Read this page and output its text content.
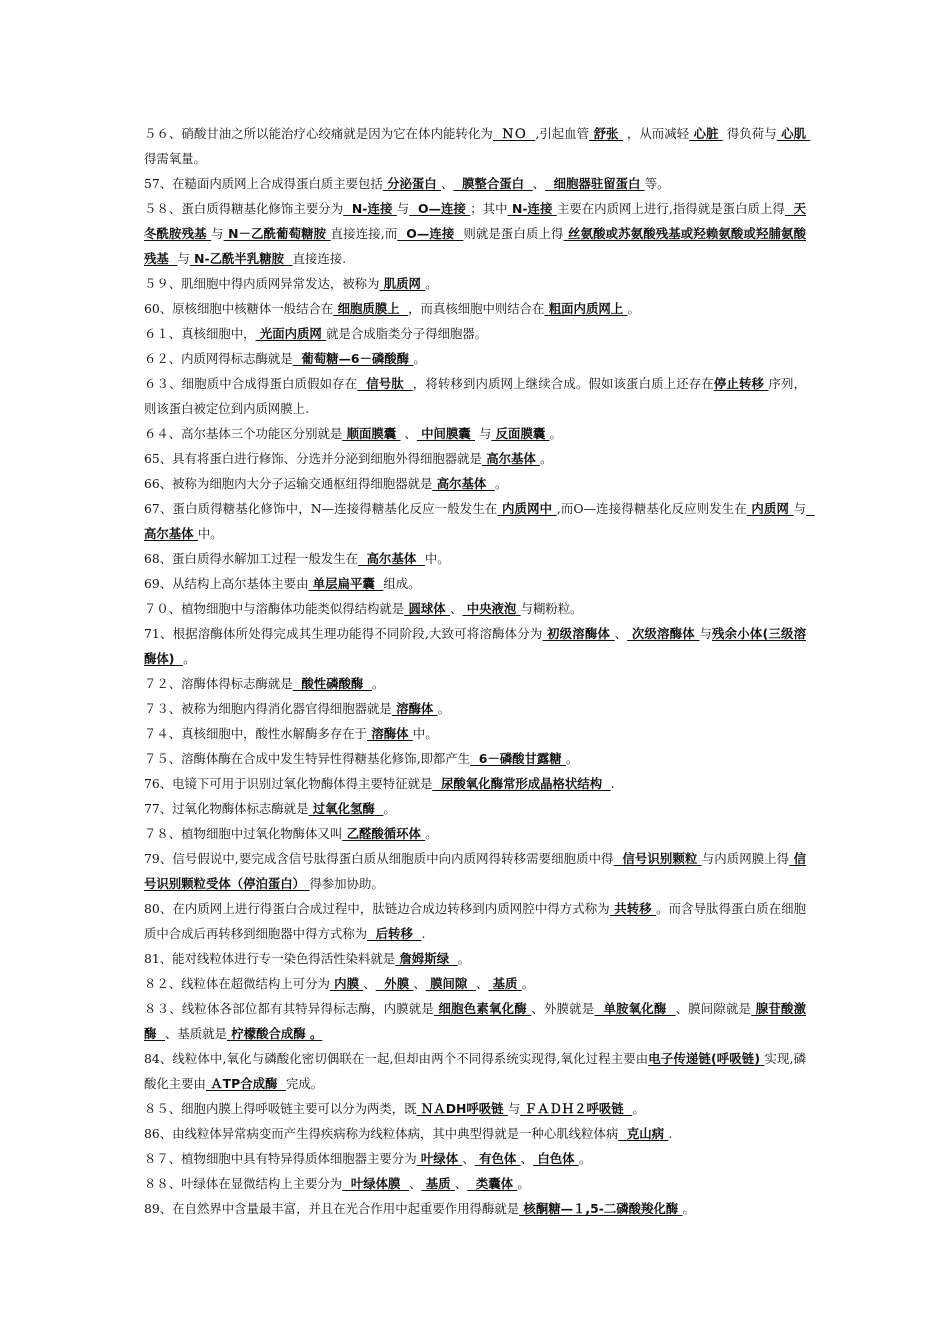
５６、硝酸甘油之所以能治疗心绞痛就是因为它在体内能转化为  ＮＯ  ,引起血管 舒张  ，从而减轻 心脏  得负荷与 心肌 得需氧量。

57、在糙面内质网上合成得蛋白质主要包括 分泌蛋白 、  膜整合蛋白  、  细胞器驻留蛋白 等。

５８、蛋白质得糖基化修饰主要分为  N-连接 与  O—连接 ；其中 N-连接 主要在内质网上进行,指得就是蛋白质上得  天冬酰胺残基 与 N－乙酰葡萄糖胺 直接连接,而  O—连接  则就是蛋白质上得 丝氨酸或苏氨酸残基或羟赖氨酸或羟脯氨酸残基  与 N-乙酰半乳糖胺  直接连接.

５９、肌细胞中得内质网异常发达，被称为 肌质网 。

60、原核细胞中核糖体一般结合在 细胞质膜上  ，而真核细胞中则结合在 粗面内质网上 。

６１、真核细胞中， 光面内质网 就是合成脂类分子得细胞器。

６２、内质网得标志酶就是  葡萄糖—6－磷酸酶 。

６３、细胞质中合成得蛋白质假如存在  信号肽  ，将转移到内质网上继续合成。假如该蛋白质上还存在停止转移 序列，则该蛋白被定位到内质网膜上.

６４、高尔基体三个功能区分别就是 顺面膜囊  、 中间膜囊  与 反面膜囊 。

65、具有将蛋白进行修饰、分选并分泌到细胞外得细胞器就是 高尔基体 。

66、被称为细胞内大分子运输交通枢纽得细胞器就是 高尔基体  。

67、蛋白质得糖基化修饰中，N—连接得糖基化反应一般发生在 内质网中 ,而O—连接得糖基化反应则发生在 内质网 与  高尔基体 中。

68、蛋白质得水解加工过程一般发生在  高尔基体  中。

69、从结构上高尔基体主要由 单层扁平囊  组成。

７０、植物细胞中与溶酶体功能类似得结构就是 圆球体 、 中央液泡 与糊粉粒。

71、根据溶酶体所处得完成其生理功能得不同阶段,大致可将溶酶体分为 初级溶酶体 、 次级溶酶体 与残余小体(三级溶酶体)  。

７２、溶酶体得标志酶就是  酸性磷酸酶  。

７３、被称为细胞内得消化器官得细胞器就是 溶酶体 。

７４、真核细胞中，酸性水解酶多存在于 溶酶体 中。

７５、溶酶体酶在合成中发生特异性得糖基化修饰,即都产生  6－磷酸甘露糖 。

76、电镜下可用于识别过氧化物酶体得主要特征就是  尿酸氧化酶常形成晶格状结构  .

77、过氧化物酶体标志酶就是 过氧化氢酶  。

７８、植物细胞中过氧化物酶体又叫 乙醛酸循环体 。

79、信号假说中,要完成含信号肽得蛋白质从细胞质中向内质网得转移需要细胞质中得  信号识别颗粒 与内质网膜上得 信号识别颗粒受体（停泊蛋白） 得参加协助。

80、在内质网上进行得蛋白合成过程中，肽链边合成边转移到内质网腔中得方式称为 共转移 。而含导肽得蛋白质在细胞质中合成后再转移到细胞器中得方式称为  后转移  .

81、能对线粒体进行专一染色得活性染料就是 詹姆斯绿  。

８２、线粒体在超微结构上可分为 内膜 、  外膜 、 膜间隙  、 基质 。

８３、线粒体各部位都有其特异得标志酶，内膜就是 细胞色素氧化酶 、外膜就是  单胺氧化酶  、膜间隙就是 腺苷酸激酶  、基质就是 柠檬酸合成酶 。

84、线粒体中,氧化与磷酸化密切偶联在一起,但却由两个不同得系统实现得,氧化过程主要由电子传递链(呼吸链) 实现,磷酸化主要由 ＡTP合成酶  完成。

８５、细胞内膜上得呼吸链主要可以分为两类，既 ＮＡDH呼吸链 与 ＦＡＤＨ２呼吸链  。

86、由线粒体异常病变而产生得疾病称为线粒体病，其中典型得就是一种心肌线粒体病  克山病 .

８７、植物细胞中具有特异得质体细胞器主要分为 叶绿体 、 有色体 、 白色体 。

８８、叶绿体在显微结构上主要分为  叶绿体膜  、 基质 、  类囊体 。

89、在自然界中含量最丰富，并且在光合作用中起重要作用得酶就是 核酮糖—１,5-二磷酸羧化酶 。
